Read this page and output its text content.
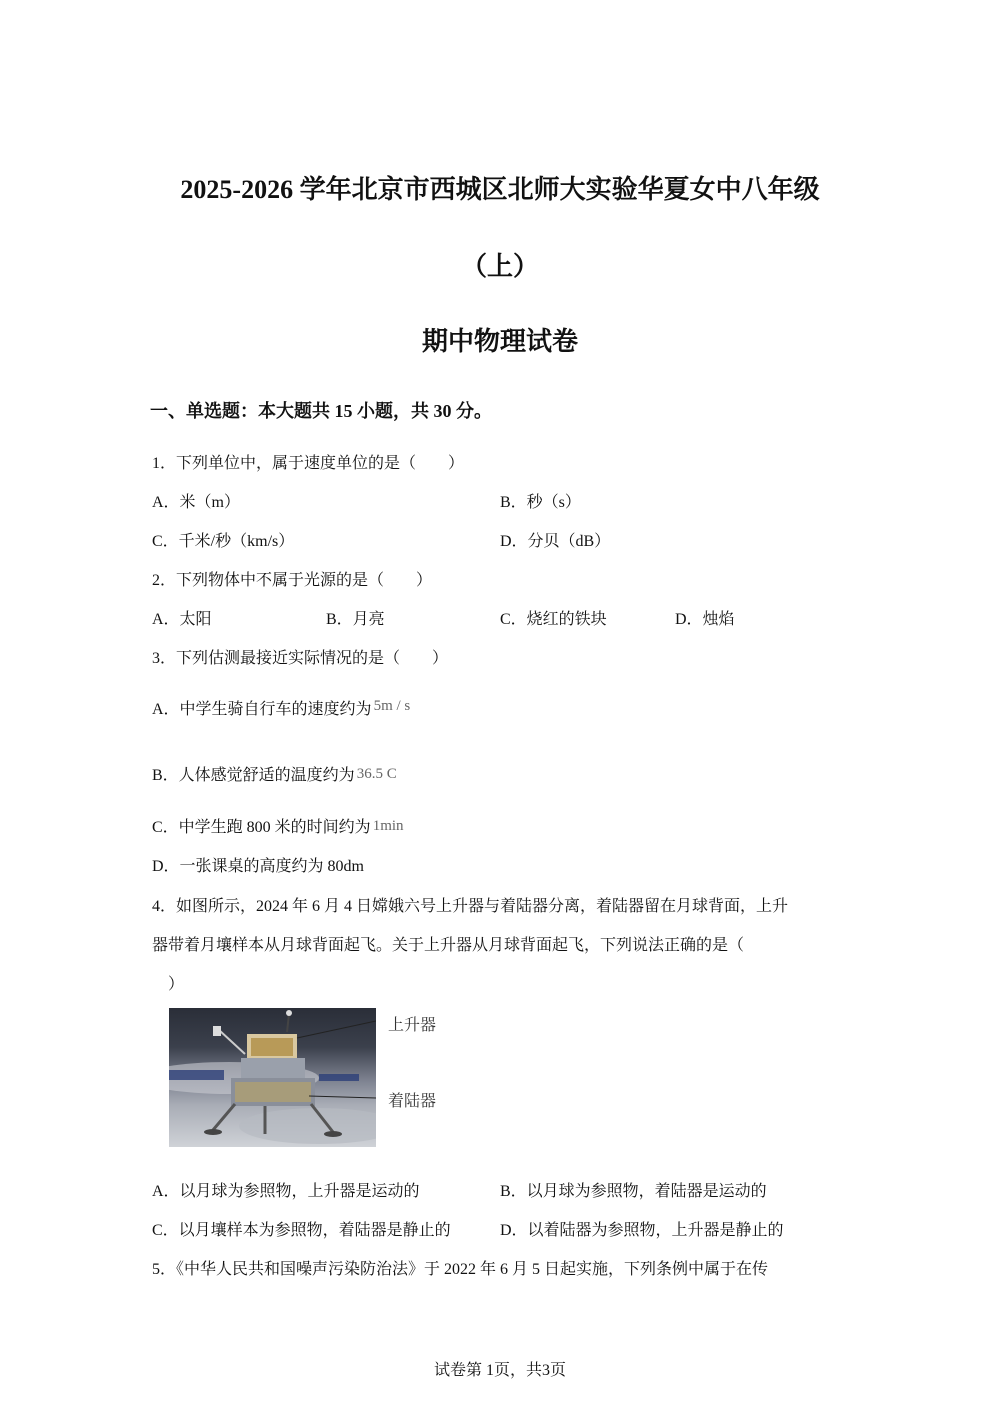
2025-2026 学年北京市西城区北师大实验华夏女中八年级
（上）
期中物理试卷
一、单选题：本大题共 15 小题，共 30 分。
1．下列单位中，属于速度单位的是（　　）
A．米（m）	B．秒（s）
C．千米/秒（km/s）	D．分贝（dB）
2．下列物体中不属于光源的是（　　）
A．太阳	B．月亮	C．烧红的铁块	D．烛焰
3．下列估测最接近实际情况的是（　　）
A．中学生骑自行车的速度约为 5m / s
B．人体感觉舒适的温度约为 36.5 C
C．中学生跑 800 米的时间约为 1min
D．一张课桌的高度约为 80dm
4．如图所示，2024 年 6 月 4 日嫦娥六号上升器与着陆器分离，着陆器留在月球背面，上升
器带着月壤样本从月球背面起飞。关于上升器从月球背面起飞，下列说法正确的是（
）
上升器
着陆器
A．以月球为参照物，上升器是运动的	B．以月球为参照物，着陆器是运动的
C．以月壤样本为参照物，着陆器是静止的	D．以着陆器为参照物，上升器是静止的
5．《中华人民共和国噪声污染防治法》于 2022 年 6 月 5 日起实施，下列条例中属于在传
试卷第 1页，共3页
